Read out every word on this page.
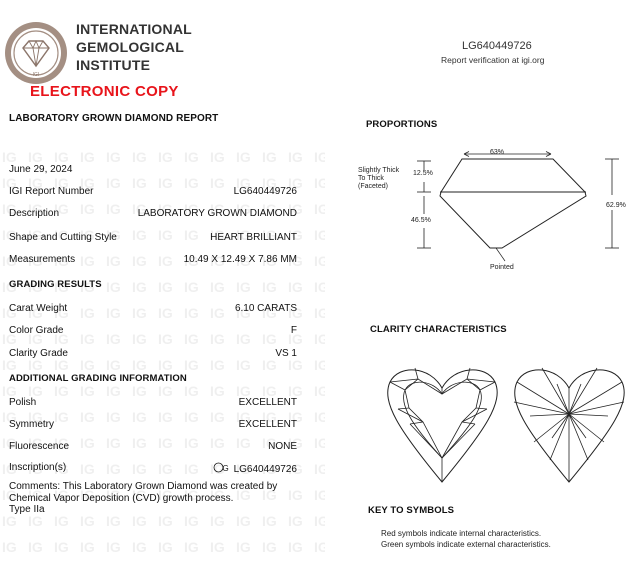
IGI
INTERNATIONAL
GEMOLOGICAL
INSTITUTE
ELECTRONIC COPY
LG640449726
Report verification at igi.org
LABORATORY GROWN DIAMOND REPORT
June 29, 2024
IGI Report Number	LG640449726
Description	LABORATORY GROWN DIAMOND
Shape and Cutting Style	HEART BRILLIANT
Measurements	10.49 X 12.49 X 7.86 MM
GRADING RESULTS
Carat Weight	6.10 CARATS
Color Grade	F
Clarity Grade	VS 1
ADDITIONAL GRADING INFORMATION
Polish	EXCELLENT
Symmetry	EXCELLENT
Fluorescence	NONE
Inscription(s)	G LG640449726
Comments: This Laboratory Grown Diamond was created by Chemical Vapor Deposition (CVD) growth process.
Type IIa
PROPORTIONS
63%
12.5%
46.5%
62.9%
Slightly Thick
To Thick
(Faceted)
Pointed
CLARITY CHARACTERISTICS
KEY TO SYMBOLS
Red symbols indicate internal characteristics.
Green symbols indicate external characteristics.
